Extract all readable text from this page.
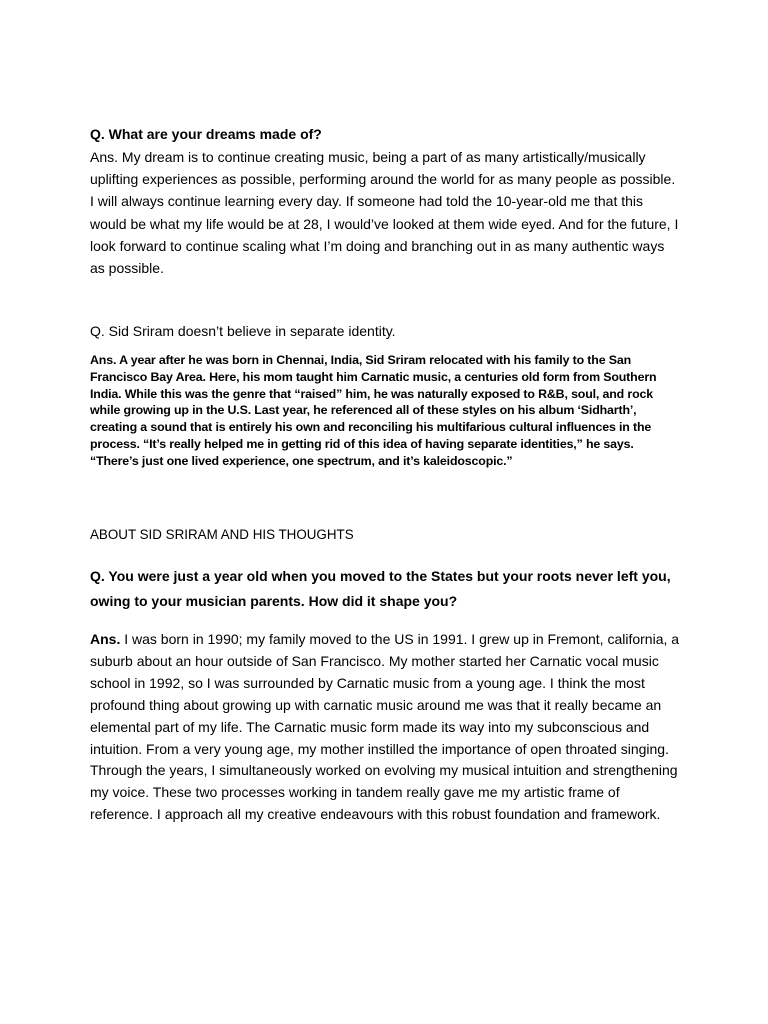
Q. What are your dreams made of?

Ans. My dream is to continue creating music, being a part of as many artistically/musically uplifting experiences as possible, performing around the world for as many people as possible. I will always continue learning every day. If someone had told the 10-year-old me that this would be what my life would be at 28, I would’ve looked at them wide eyed. And for the future, I look forward to continue scaling what I’m doing and branching out in as many authentic ways as possible.

Q. Sid Sriram doesn’t believe in separate identity.

Ans. A year after he was born in Chennai, India, Sid Sriram relocated with his family to the San Francisco Bay Area. Here, his mom taught him Carnatic music, a centuries old form from Southern India. While this was the genre that “raised” him, he was naturally exposed to R&B, soul, and rock while growing up in the U.S. Last year, he referenced all of these styles on his album ‘Sidharth’, creating a sound that is entirely his own and reconciling his multifarious cultural influences in the process. “It’s really helped me in getting rid of this idea of having separate identities,” he says. “There’s just one lived experience, one spectrum, and it’s kaleidoscopic.”

ABOUT SID SRIRAM AND HIS THOUGHTS

Q. You were just a year old when you moved to the States but your roots never left you, owing to your musician parents. How did it shape you?

Ans. I was born in 1990; my family moved to the US in 1991. I grew up in Fremont, california, a suburb about an hour outside of San Francisco. My mother started her Carnatic vocal music school in 1992, so I was surrounded by Carnatic music from a young age. I think the most profound thing about growing up with carnatic music around me was that it really became an elemental part of my life. The Carnatic music form made its way into my subconscious and intuition. From a very young age, my mother instilled the importance of open throated singing. Through the years, I simultaneously worked on evolving my musical intuition and strengthening my voice. These two processes working in tandem really gave me my artistic frame of reference. I approach all my creative endeavours with this robust foundation and framework.
